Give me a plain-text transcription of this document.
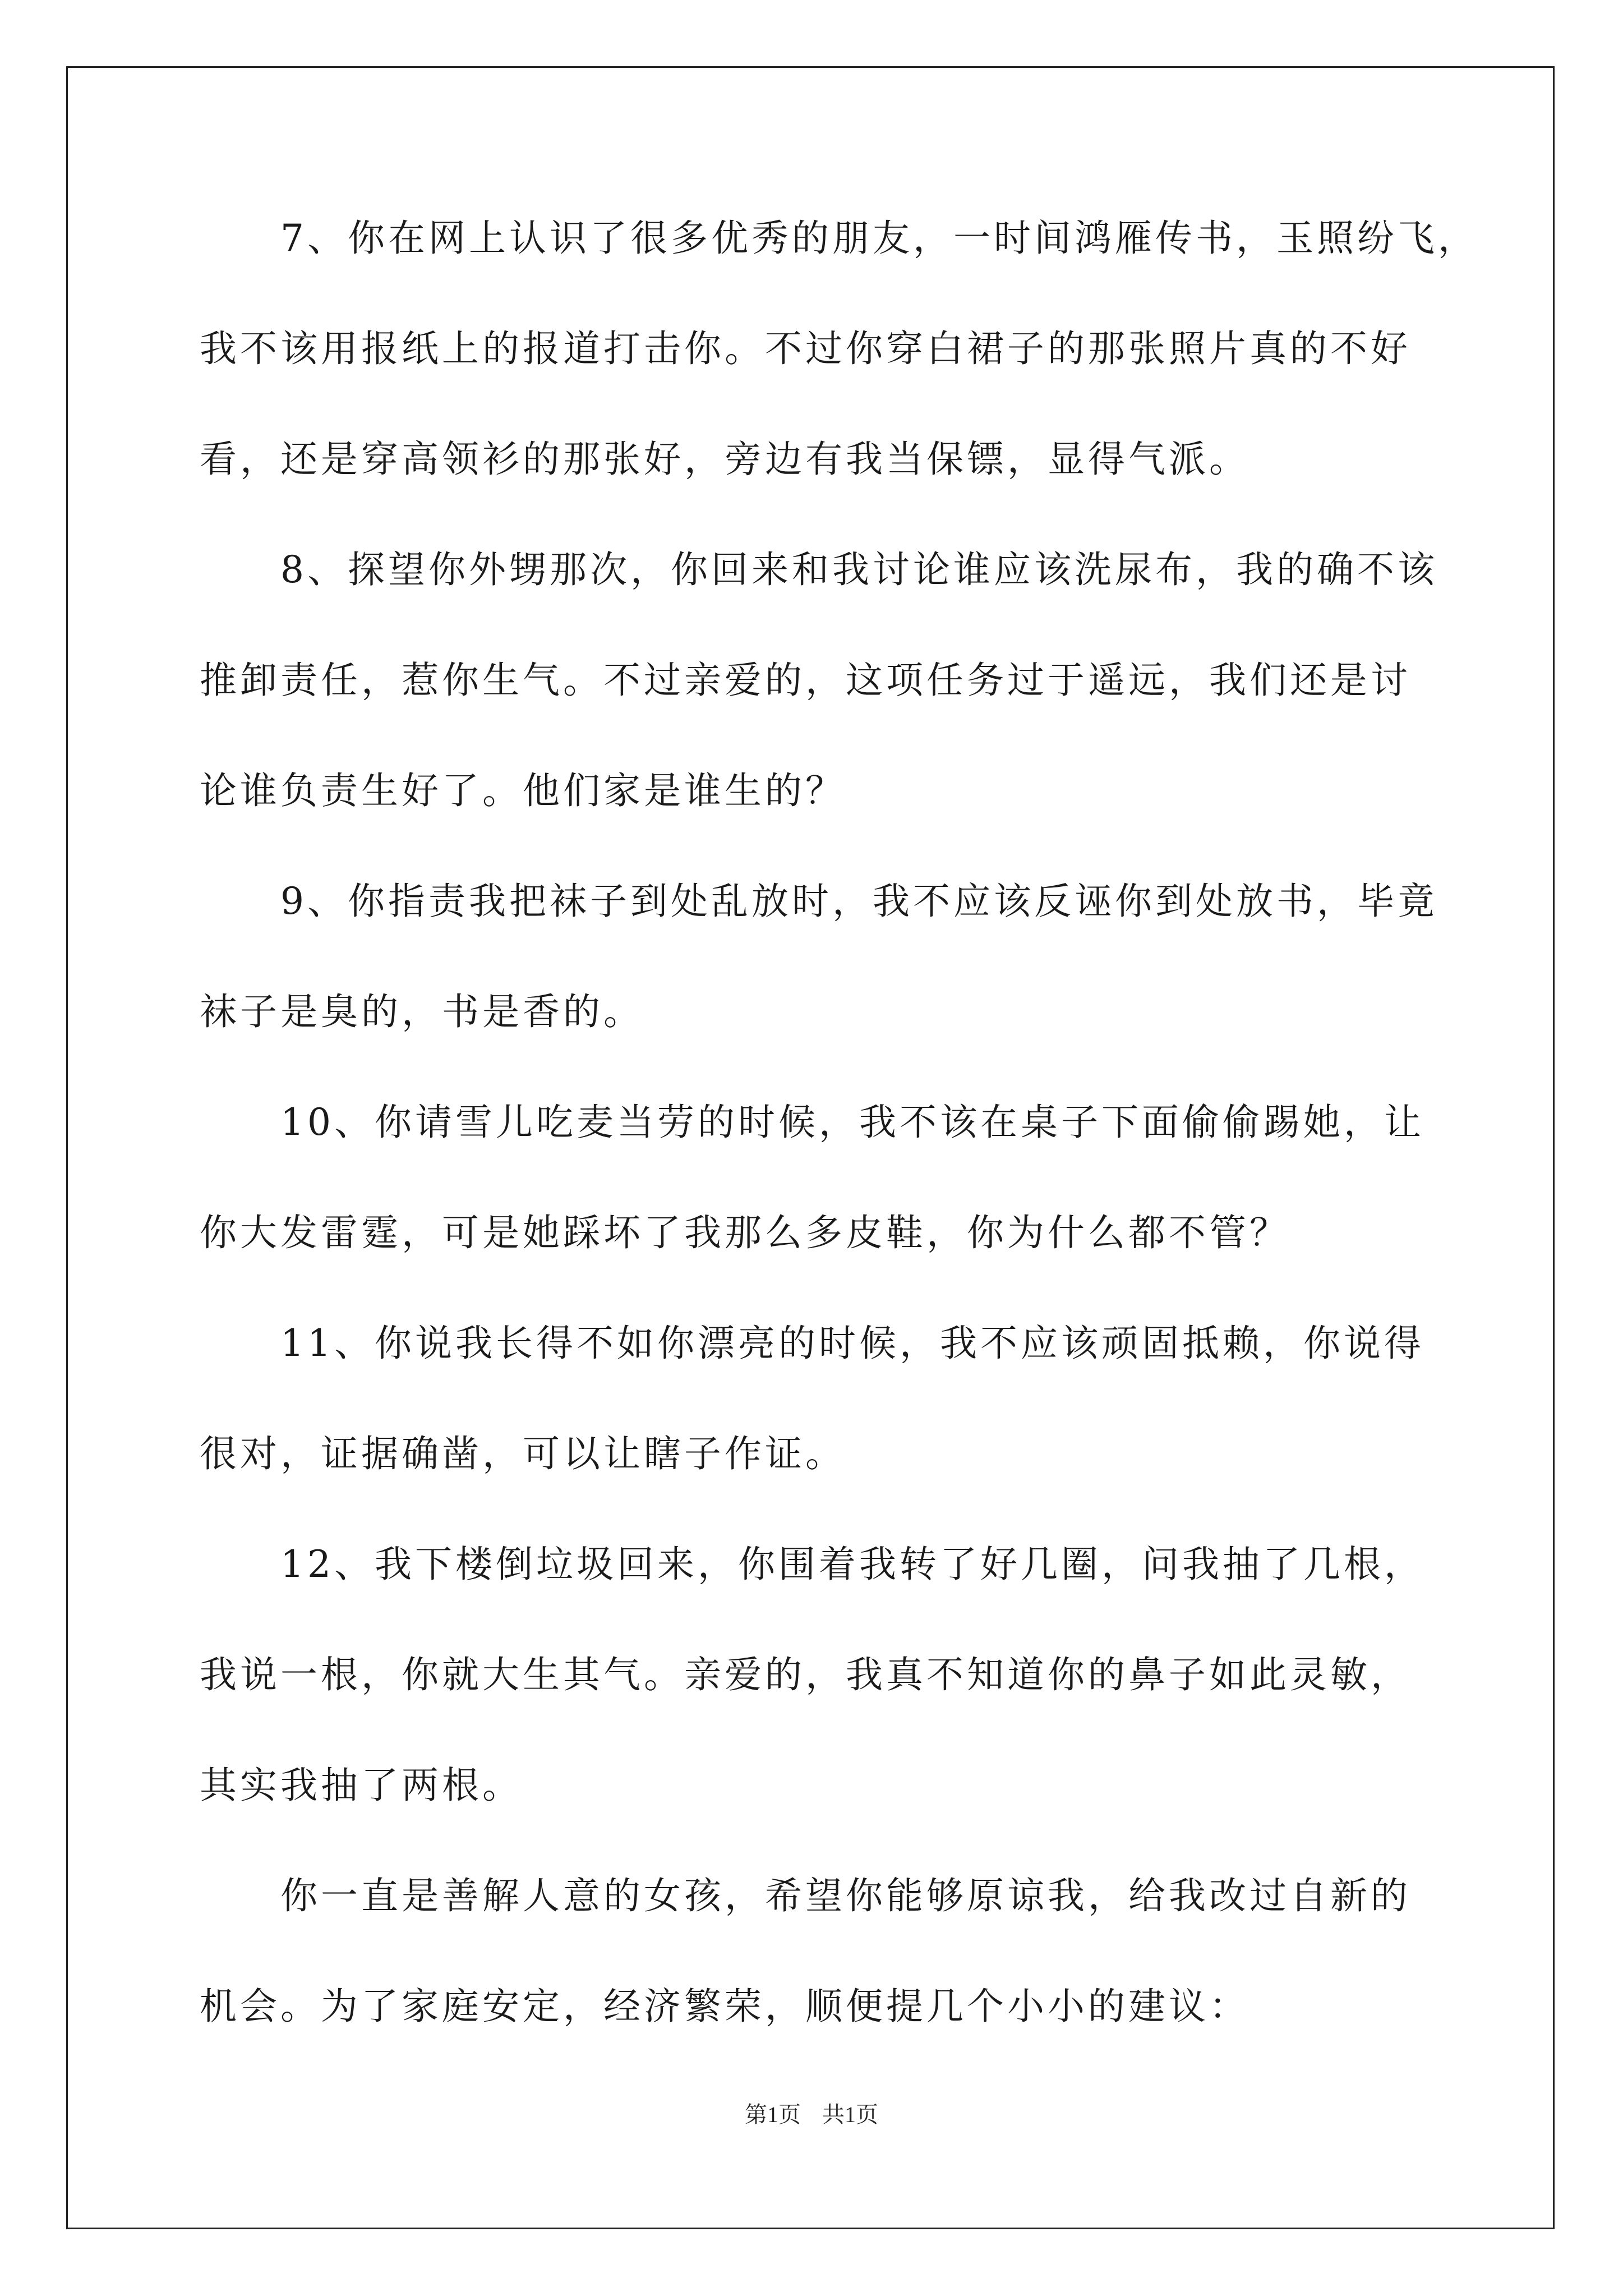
　　7、你在网上认识了很多优秀的朋友，一时间鸿雁传书，玉照纷飞，
我不该用报纸上的报道打击你。不过你穿白裙子的那张照片真的不好
看，还是穿高领衫的那张好，旁边有我当保镖，显得气派。
　　8、探望你外甥那次，你回来和我讨论谁应该洗尿布，我的确不该
推卸责任，惹你生气。不过亲爱的，这项任务过于遥远，我们还是讨
论谁负责生好了。他们家是谁生的？
　　9、你指责我把袜子到处乱放时，我不应该反诬你到处放书，毕竟
袜子是臭的，书是香的。
　　10、你请雪儿吃麦当劳的时候，我不该在桌子下面偷偷踢她，让
你大发雷霆，可是她踩坏了我那么多皮鞋，你为什么都不管？
　　11、你说我长得不如你漂亮的时候，我不应该顽固抵赖，你说得
很对，证据确凿，可以让瞎子作证。
　　12、我下楼倒垃圾回来，你围着我转了好几圈，问我抽了几根，
我说一根，你就大生其气。亲爱的，我真不知道你的鼻子如此灵敏，
其实我抽了两根。
　　你一直是善解人意的女孩，希望你能够原谅我，给我改过自新的
机会。为了家庭安定，经济繁荣，顺便提几个小小的建议：
第1页 共1页
